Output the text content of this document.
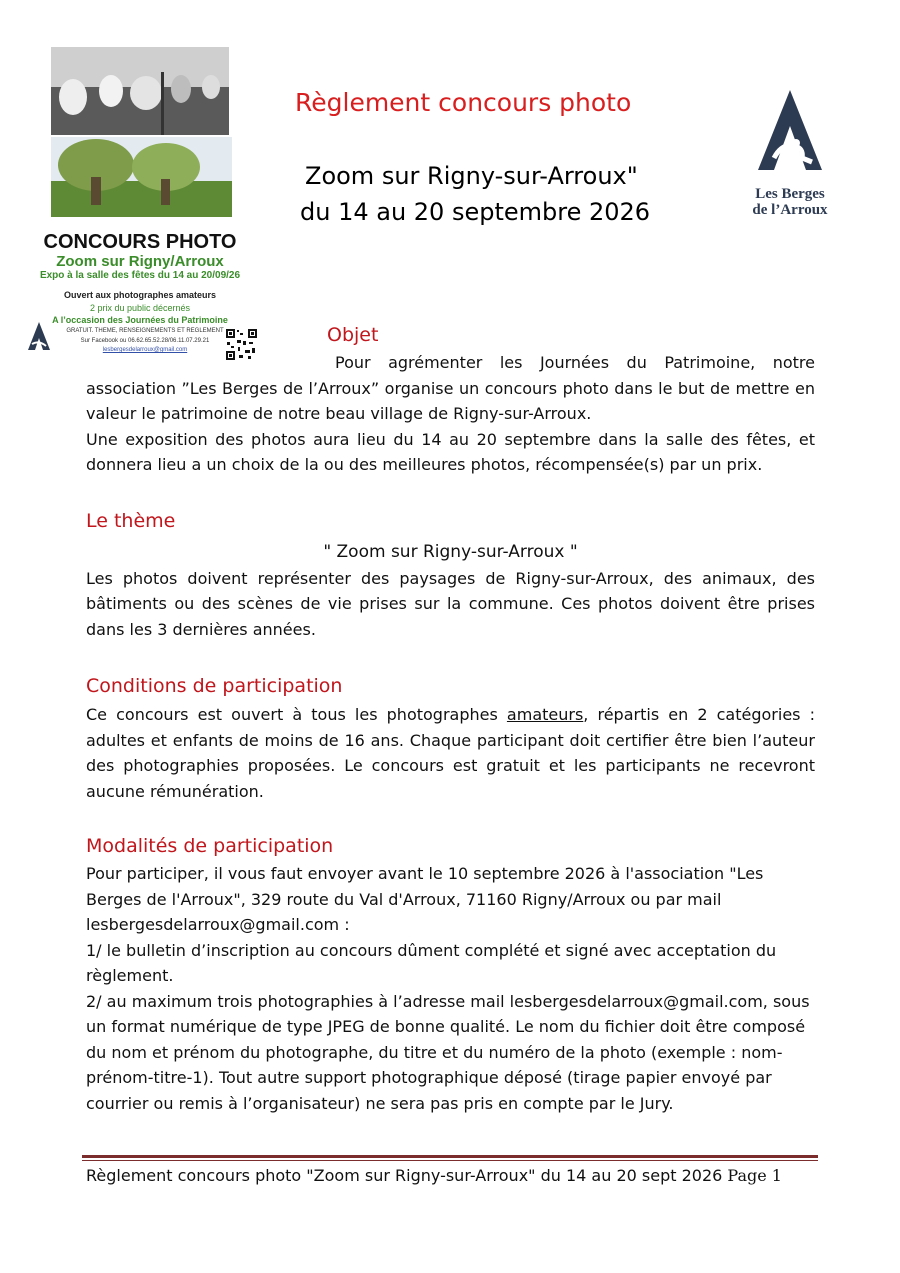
CONCOURS PHOTO
Zoom sur Rigny/Arroux
Expo à la salle des fêtes du 14 au 20/09/26
Ouvert aux photographes amateurs
2 prix du public décernés
A l’occasion des Journées du Patrimoine
GRATUIT. THEME, RENSEIGNEMENTS ET REGLEMENT
Sur Facebook ou 06.62.65.52.28/06.11.07.29.21
lesbergesdelarroux@gmail.com
Règlement concours photo
Zoom sur Rigny-sur-Arroux"
du 14 au 20 septembre 2026
Les Berges
de l’Arroux
Objet

Pour agrémenter les Journées du Patrimoine, notre

association ”Les Berges de l’Arroux” organise un concours photo dans le but de mettre en valeur le patrimoine de notre beau village de Rigny-sur-Arroux.

Une exposition des photos aura lieu du 14 au 20 septembre dans la salle des fêtes, et donnera lieu a un choix de la ou des meilleures photos, récompensée(s) par un prix.

Le thème

" Zoom sur Rigny-sur-Arroux "

Les photos doivent représenter des paysages de Rigny-sur-Arroux, des animaux, des bâtiments ou des scènes de vie prises sur la commune. Ces photos doivent être prises dans les 3 dernières années.

Conditions de participation

Ce concours est ouvert à tous les photographes amateurs, répartis en 2 catégories : adultes et enfants de moins de 16 ans. Chaque participant doit certifier être bien l’auteur des photographies proposées. Le concours est gratuit et les participants ne recevront aucune rémunération.

Modalités de participation

Pour participer, il vous faut envoyer avant le 10 septembre 2026 à l'association "Les Berges de l'Arroux", 329 route du Val d'Arroux, 71160 Rigny/Arroux ou par mail lesbergesdelarroux@gmail.com :

1/ le bulletin d’inscription au concours dûment complété et signé avec acceptation du règlement.

2/ au maximum trois photographies à l’adresse mail lesbergesdelarroux@gmail.com, sous un format numérique de type JPEG de bonne qualité. Le nom du fichier doit être composé du nom et prénom du photographe, du titre et du numéro de la photo (exemple : nom-prénom-titre-1). Tout autre support photographique déposé (tirage papier envoyé par courrier ou remis à l’organisateur) ne sera pas pris en compte par le Jury.

Règlement concours photo "Zoom sur Rigny-sur-Arroux" du 14 au 20 sept 2026 Page 1
